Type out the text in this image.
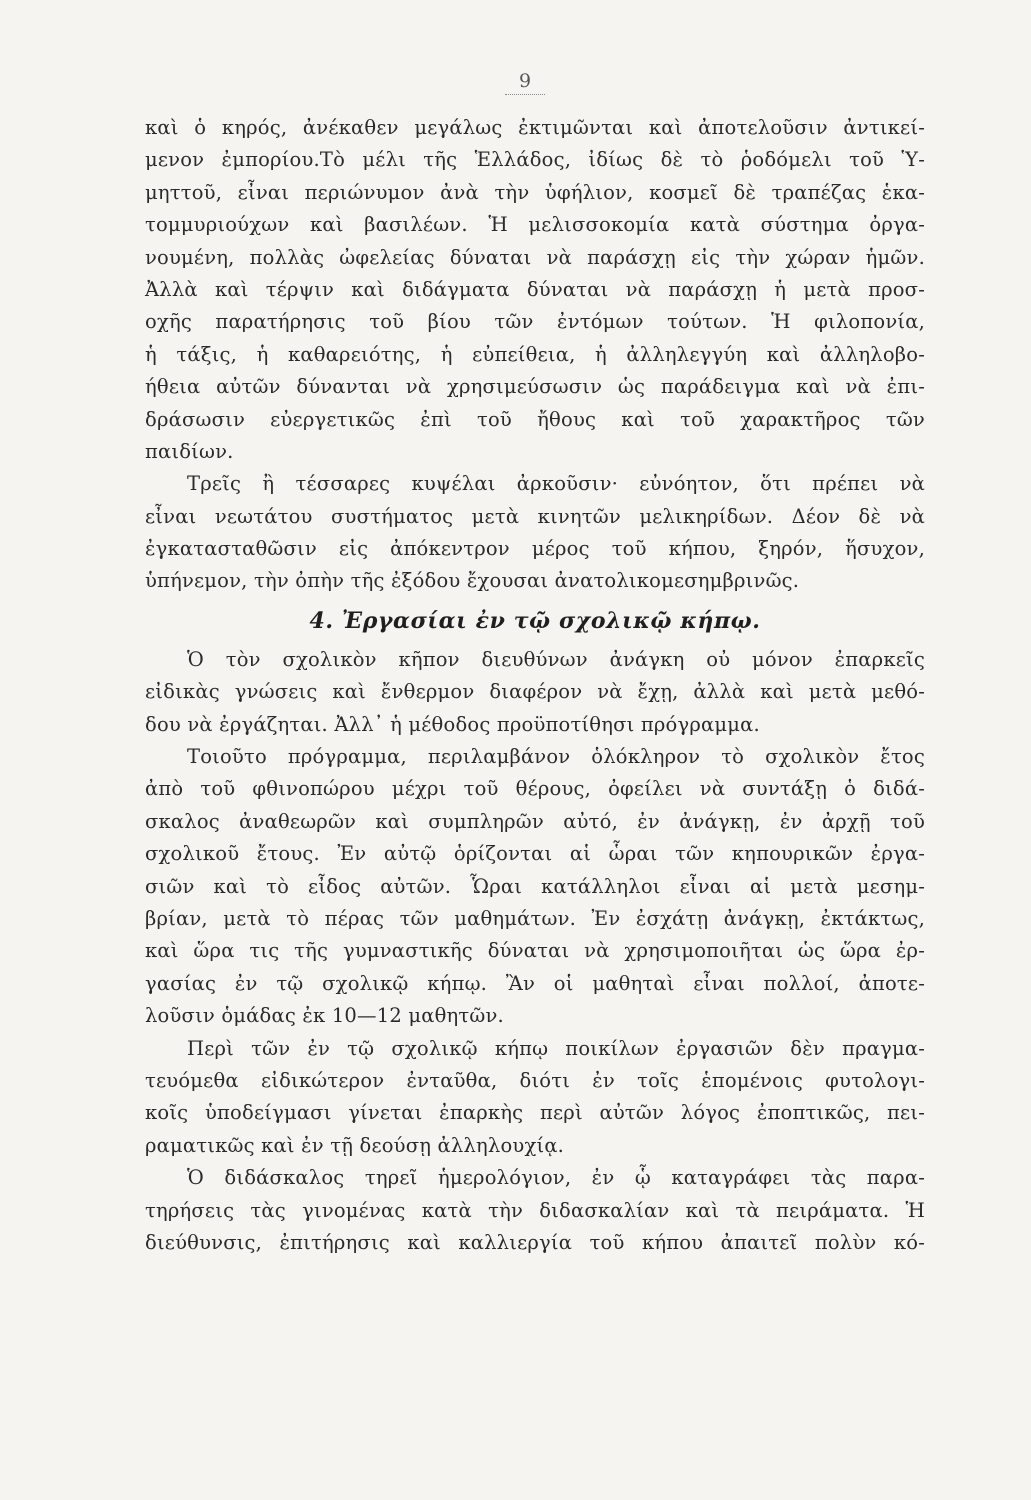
9
καὶ ὁ κηρός, ἀνέκαθεν μεγάλως ἐκτιμῶνται καὶ ἀποτελοῦσιν ἀντικεί-
μενον ἐμπορίου.Τὸ μέλι τῆς Ἑλλάδος, ἰδίως δὲ τὸ ῥοδόμελι τοῦ Ὑ-
μηττοῦ, εἶναι περιώνυμον ἀνὰ τὴν ὑφήλιον, κοσμεῖ δὲ τραπέζας ἑκα-
τομμυριούχων καὶ βασιλέων. Ἡ μελισσοκομία κατὰ σύστημα ὀργα-
νουμένη, πολλὰς ὠφελείας δύναται νὰ παράσχῃ εἰς τὴν χώραν ἡμῶν.
Ἀλλὰ καὶ τέρψιν καὶ διδάγματα δύναται νὰ παράσχῃ ἡ μετὰ προσ-
οχῆς παρατήρησις τοῦ βίου τῶν ἐντόμων τούτων. Ἡ φιλοπονία,
ἡ τάξις, ἡ καθαρειότης, ἡ εὐπείθεια, ἡ ἀλληλεγγύη καὶ ἀλληλοβο-
ήθεια αὐτῶν δύνανται νὰ χρησιμεύσωσιν ὡς παράδειγμα καὶ νὰ ἐπι-
δράσωσιν εὐεργετικῶς ἐπὶ τοῦ ἤθους καὶ τοῦ χαρακτῆρος τῶν
παιδίων.
Τρεῖς ἢ τέσσαρες κυψέλαι ἀρκοῦσιν· εὐνόητον, ὅτι πρέπει νὰ
εἶναι νεωτάτου συστήματος μετὰ κινητῶν μελικηρίδων. Δέον δὲ νὰ
ἐγκατασταθῶσιν εἰς ἀπόκεντρον μέρος τοῦ κήπου, ξηρόν, ἥσυχον,
ὑπήνεμον, τὴν ὀπὴν τῆς ἐξόδου ἔχουσαι ἀνατολικομεσημβρινῶς.
4. Ἐργασίαι ἐν τῷ σχολικῷ κήπῳ.
Ὁ τὸν σχολικὸν κῆπον διευθύνων ἀνάγκη οὐ μόνον ἐπαρκεῖς
εἰδικὰς γνώσεις καὶ ἔνθερμον διαφέρον νὰ ἔχῃ, ἀλλὰ καὶ μετὰ μεθό-
δου νὰ ἐργάζηται. Ἀλλ᾽ ἡ μέθοδος προϋποτίθησι πρόγραμμα.
Τοιοῦτο πρόγραμμα, περιλαμβάνον ὁλόκληρον τὸ σχολικὸν ἔτος
ἀπὸ τοῦ φθινοπώρου μέχρι τοῦ θέρους, ὀφείλει νὰ συντάξῃ ὁ διδά-
σκαλος ἀναθεωρῶν καὶ συμπληρῶν αὐτό, ἐν ἀνάγκῃ, ἐν ἀρχῇ τοῦ
σχολικοῦ ἔτους. Ἐν αὐτῷ ὁρίζονται αἱ ὧραι τῶν κηπουρικῶν ἐργα-
σιῶν καὶ τὸ εἶδος αὐτῶν. Ὧραι κατάλληλοι εἶναι αἱ μετὰ μεσημ-
βρίαν, μετὰ τὸ πέρας τῶν μαθημάτων. Ἐν ἐσχάτῃ ἀνάγκῃ, ἐκτάκτως,
καὶ ὥρα τις τῆς γυμναστικῆς δύναται νὰ χρησιμοποιῆται ὡς ὥρα ἐρ-
γασίας ἐν τῷ σχολικῷ κήπῳ. Ἂν οἱ μαθηταὶ εἶναι πολλοί, ἀποτε-
λοῦσιν ὁμάδας ἐκ 10—12 μαθητῶν.
Περὶ τῶν ἐν τῷ σχολικῷ κήπῳ ποικίλων ἐργασιῶν δὲν πραγμα-
τευόμεθα εἰδικώτερον ἐνταῦθα, διότι ἐν τοῖς ἑπομένοις φυτολογι-
κοῖς ὑποδείγμασι γίνεται ἐπαρκὴς περὶ αὐτῶν λόγος ἐποπτικῶς, πει-
ραματικῶς καὶ ἐν τῇ δεούσῃ ἀλληλουχίᾳ.
Ὁ διδάσκαλος τηρεῖ ἡμερολόγιον, ἐν ᾧ καταγράφει τὰς παρα-
τηρήσεις τὰς γινομένας κατὰ τὴν διδασκαλίαν καὶ τὰ πειράματα. Ἡ
διεύθυνσις, ἐπιτήρησις καὶ καλλιεργία τοῦ κήπου ἀπαιτεῖ πολὺν κό-
